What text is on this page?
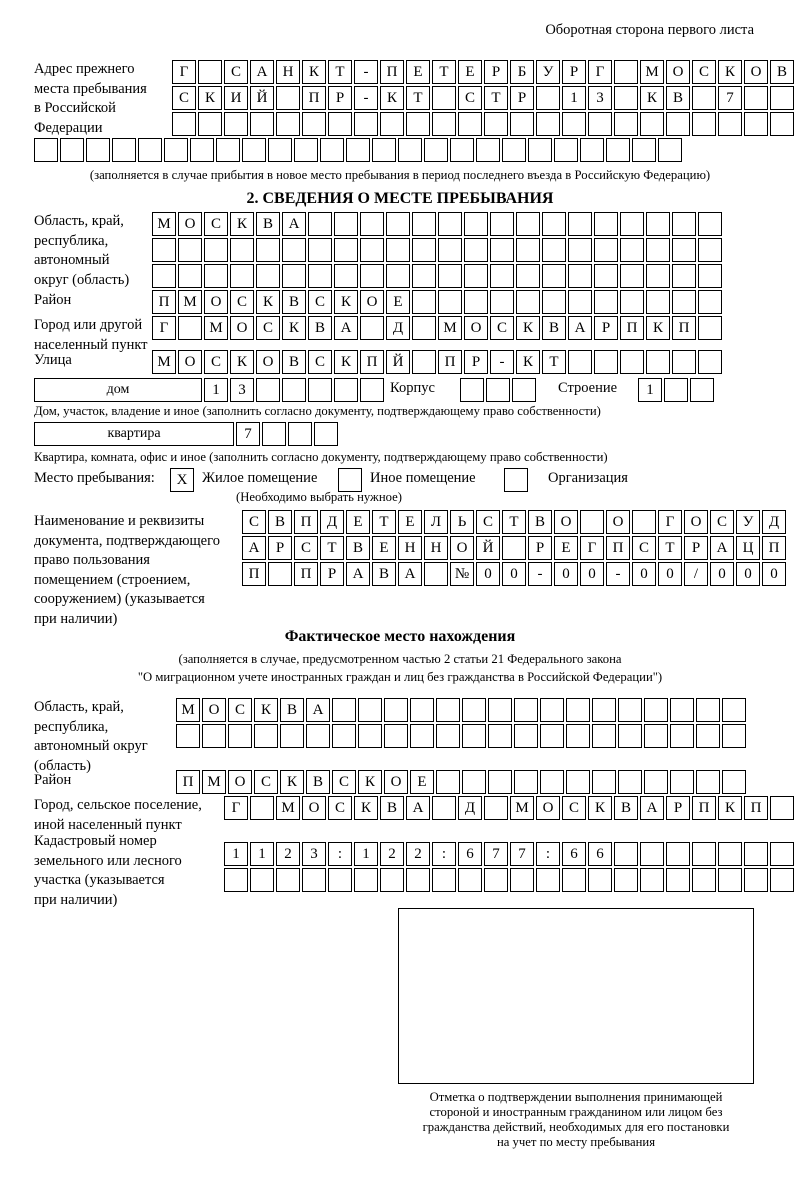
Оборотная сторона первого листа
Адрес прежнего
места пребывания
в Российской
Федерации
Г	С	А	Н	К	Т	-	П	Е	Т	Е	Р	Б	У	Р	Г	М О	С	К	О	В
С	К	И	Й	П	Р	-	К	Т	С	Т	Р	1	3	К	В	7
(заполняется в случае прибытия в новое место пребывания в период последнего въезда в Российскую Федерацию)
2. СВЕДЕНИЯ О МЕСТЕ ПРЕБЫВАНИЯ
Область, край,
республика,
автономный
округ (область)
М О	С	К	В	А
Район	П М О	С	К	В	С	К	О	Е
Город или другой
населенный пункт
Г	М О	С	К	В	А	Д	М О	С	К	В	А	Р	П	К	П
Улица	М О	С	К	О	В	С	К	П	Й	П	Р	-	К	Т
дом	1	3	Корпус	Строение	1
Дом, участок, владение и иное (заполнить согласно документу, подтверждающему право собственности)
квартира	7
Квартира, комната, офис и иное (заполнить согласно документу, подтверждающему право собственности)
Место пребывания:	X	Жилое помещение	Иное помещение	Организация
(Необходимо выбрать нужное)
Наименование и реквизиты
документа, подтверждающего
право пользования
помещением (строением,
сооружением) (указывается
при наличии)
С	В	П	Д	Е	Т	Е	Л	Ь	С	Т	В	О	О	Г	О	С	У	Д
А	Р	С	Т	В	Е	Н	Н	О	Й	Р	Е	Г	П	С	Т	Р	А	Ц	П
П	П	Р	А	В	А	№	0	0	-	0	0	-	0	0	/	0	0	0
Фактическое место нахождения
(заполняется в случае, предусмотренном частью 2 статьи 21 Федерального закона
"О миграционном учете иностранных граждан и лиц без гражданства в Российской Федерации")
Область, край,
республика,
автономный округ
(область)
М О	С	К	В	А
Район	П М О	С	К	В	С	К	О	Е
Город, сельское поселение,
иной населенный пункт
Г	М О	С	К	В	А	Д	М О	С	К	В	А	Р	П	К	П
Кадастровый номер
земельного или лесного
участка (указывается
при наличии)
1	1	2	3	:	1	2	2	:	6	7	7	:	6	6
Отметка о подтверждении выполнения принимающей
стороной и иностранным гражданином или лицом без
гражданства действий, необходимых для его постановки
на учет по месту пребывания
